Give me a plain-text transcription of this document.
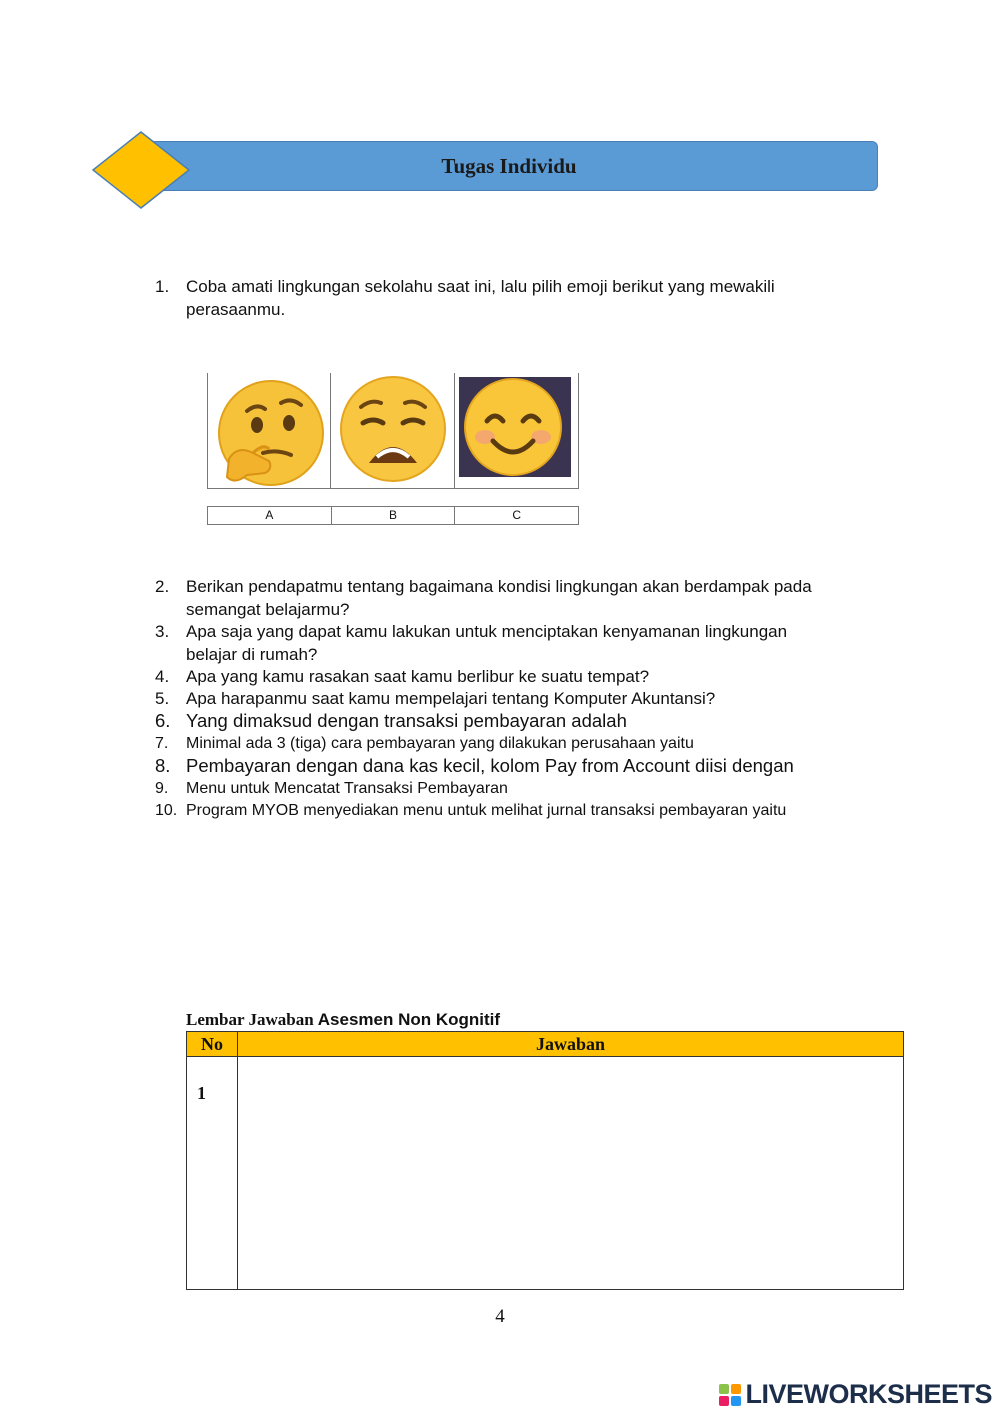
Tugas Individu
1. Coba amati lingkungan sekolahu saat ini, lalu pilih emoji berikut yang mewakili
perasaanmu.
A	B	C
2. Berikan pendapatmu tentang bagaimana kondisi lingkungan akan berdampak pada
semangat belajarmu?
3. Apa saja yang dapat kamu lakukan untuk menciptakan kenyamanan lingkungan
belajar di rumah?
4. Apa yang kamu rasakan saat kamu berlibur ke suatu tempat?
5. Apa harapanmu saat kamu mempelajari tentang Komputer Akuntansi?
6. Yang dimaksud dengan transaksi pembayaran adalah
7.	Minimal ada 3 (tiga) cara pembayaran yang dilakukan perusahaan yaitu
8. Pembayaran dengan dana kas kecil, kolom Pay from Account diisi dengan
9.	Menu untuk Mencatat Transaksi Pembayaran
10. Program MYOB menyediakan menu untuk melihat jurnal transaksi pembayaran yaitu
Lembar Jawaban Asesmen Non Kognitif
No	Jawaban

1	

4
LIVEWORKSHEETS
